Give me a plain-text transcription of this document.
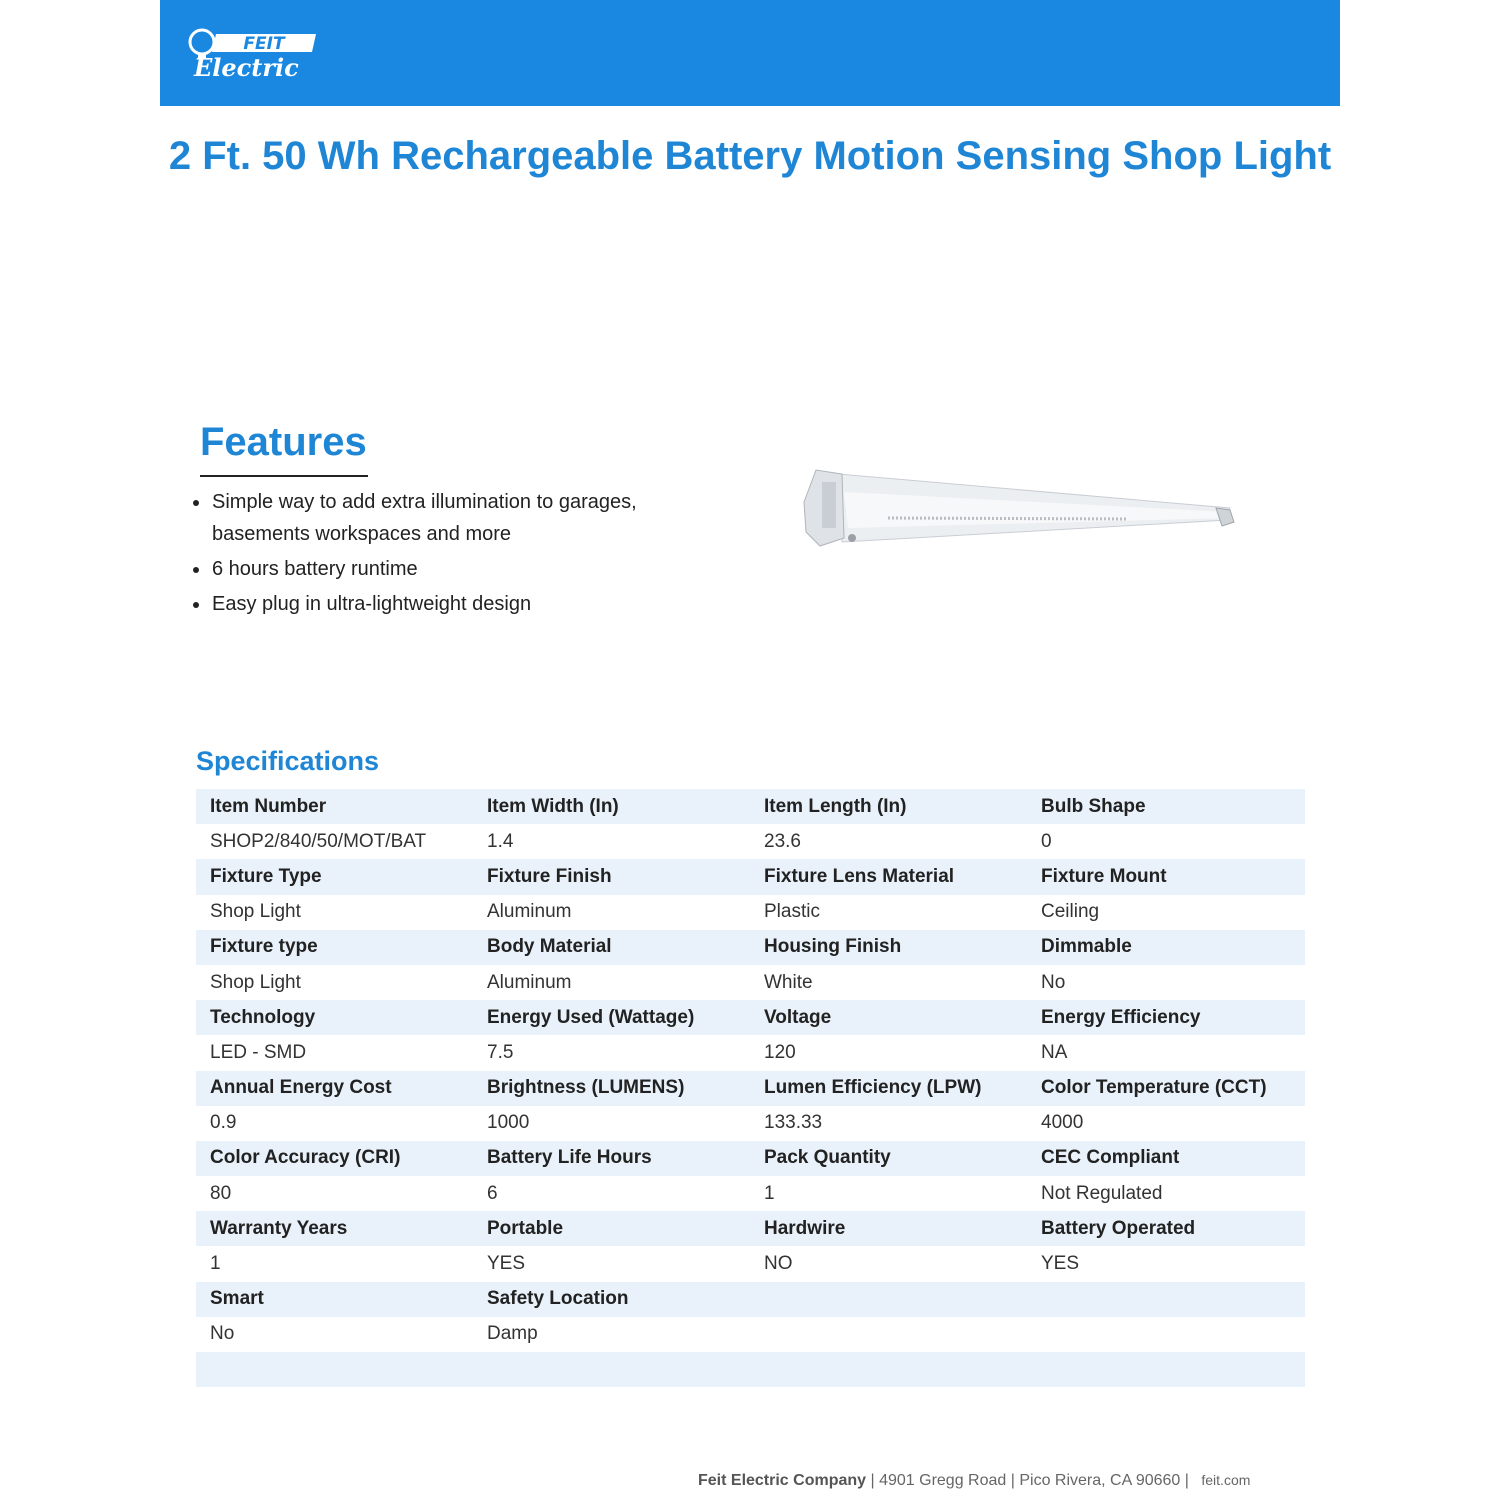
FEIT
Electric
2 Ft. 50 Wh Rechargeable Battery Motion Sensing Shop Light
Features
Simple way to add extra illumination to garages, basements workspaces and more
6 hours battery runtime
Easy plug in ultra-lightweight design
Specifications
Item Number	Item Width (In)	Item Length (In)	Bulb Shape
SHOP2/840/50/MOT/BAT	1.4	23.6	0
Fixture Type	Fixture Finish	Fixture Lens Material	Fixture Mount
Shop Light	Aluminum	Plastic	Ceiling
Fixture type	Body Material	Housing Finish	Dimmable
Shop Light	Aluminum	White	No
Technology	Energy Used (Wattage)	Voltage	Energy Efficiency
LED - SMD	7.5	120	NA
Annual Energy Cost	Brightness (LUMENS)	Lumen Efficiency (LPW)	Color Temperature (CCT)
0.9	1000	133.33	4000
Color Accuracy (CRI)	Battery Life Hours	Pack Quantity	CEC Compliant
80	6	1	Not Regulated
Warranty Years	Portable	Hardwire	Battery Operated
1	YES	NO	YES
Smart	Safety Location		
No	Damp		

Feit Electric Company | 4901 Gregg Road | Pico Rivera, CA 90660 | feit.com
